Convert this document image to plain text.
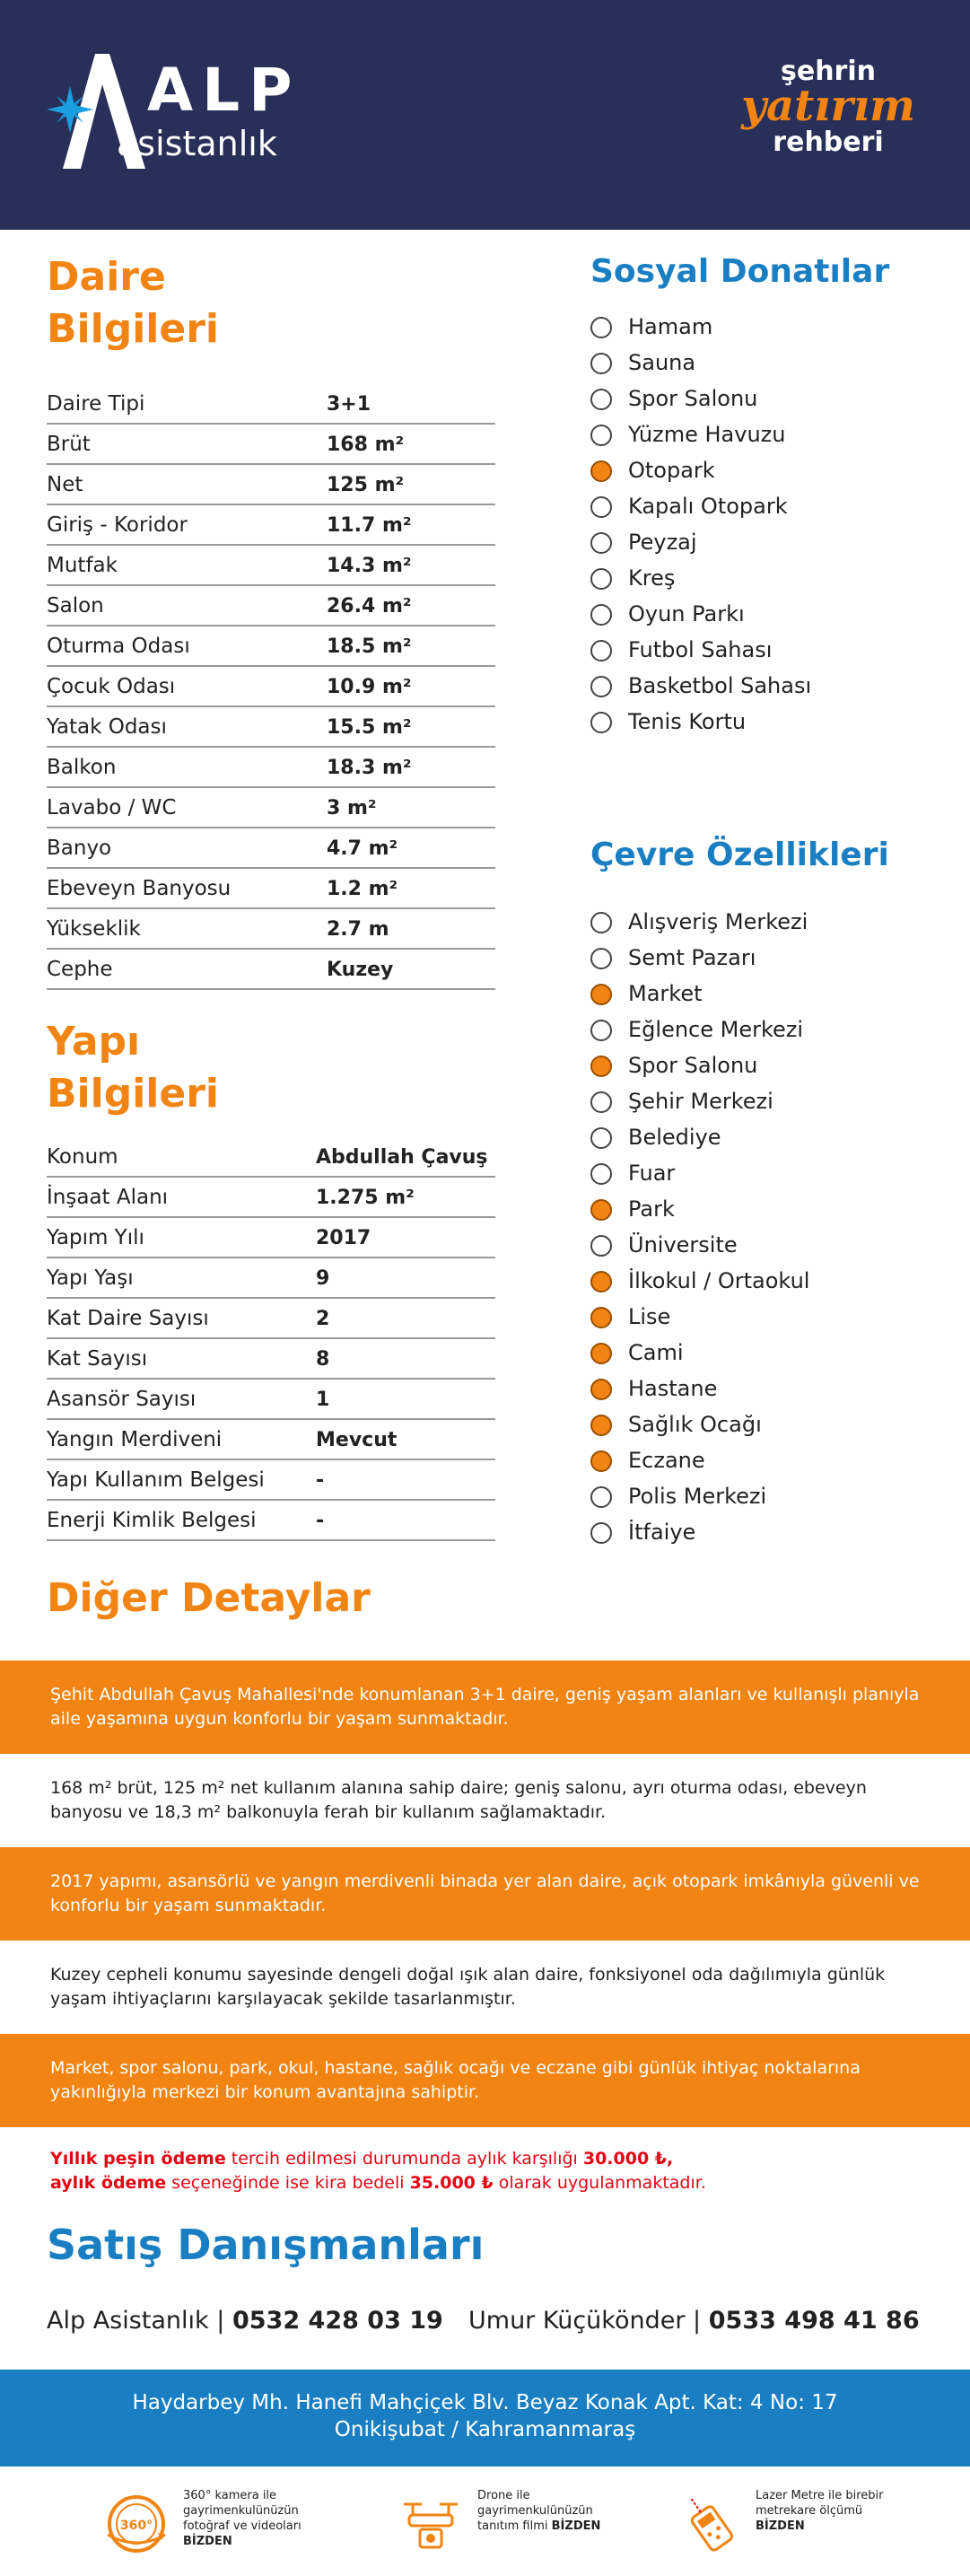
ALP
asistanlık
şehrin
yatırım
rehberi
Daire
Bilgileri
Daire Tipi	3+1
Brüt	168 m²
Net	125 m²
Giriş - Koridor	11.7 m²
Mutfak	14.3 m²
Salon	26.4 m²
Oturma Odası	18.5 m²
Çocuk Odası	10.9 m²
Yatak Odası	15.5 m²
Balkon	18.3 m²
Lavabo / WC	3 m²
Banyo	4.7 m²
Ebeveyn Banyosu	1.2 m²
Yükseklik	2.7 m
Cephe	Kuzey
Yapı
Bilgileri
Konum	Abdullah Çavuş
İnşaat Alanı	1.275 m²
Yapım Yılı	2017
Yapı Yaşı	9
Kat Daire Sayısı	2
Kat Sayısı	8
Asansör Sayısı	1
Yangın Merdiveni	Mevcut
Yapı Kullanım Belgesi	-
Enerji Kimlik Belgesi	-
Sosyal Donatılar
Hamam
Sauna
Spor Salonu
Yüzme Havuzu
Otopark
Kapalı Otopark
Peyzaj
Kreş
Oyun Parkı
Futbol Sahası
Basketbol Sahası
Tenis Kortu
Çevre Özellikleri
Alışveriş Merkezi
Semt Pazarı
Market
Eğlence Merkezi
Spor Salonu
Şehir Merkezi
Belediye
Fuar
Park
Üniversite
İlkokul / Ortaokul
Lise
Cami
Hastane
Sağlık Ocağı
Eczane
Polis Merkezi
İtfaiye
Diğer Detaylar

Şehit Abdullah Çavuş Mahallesi'nde konumlanan 3+1 daire, geniş yaşam alanları ve kullanışlı planıyla aile yaşamına uygun konforlu bir yaşam sunmaktadır.

168 m² brüt, 125 m² net kullanım alanına sahip daire; geniş salonu, ayrı oturma odası, ebeveyn banyosu ve 18,3 m² balkonuyla ferah bir kullanım sağlamaktadır.

2017 yapımı, asansörlü ve yangın merdivenli binada yer alan daire, açık otopark imkânıyla güvenli ve konforlu bir yaşam sunmaktadır.

Kuzey cepheli konumu sayesinde dengeli doğal ışık alan daire, fonksiyonel oda dağılımıyla günlük yaşam ihtiyaçlarını karşılayacak şekilde tasarlanmıştır.

Market, spor salonu, park, okul, hastane, sağlık ocağı ve eczane gibi günlük ihtiyaç noktalarına yakınlığıyla merkezi bir konum avantajına sahiptir.

Yıllık peşin ödeme tercih edilmesi durumunda aylık karşılığı 30.000 ₺,
aylık ödeme seçeneğinde ise kira bedeli 35.000 ₺ olarak uygulanmaktadır.
Satış Danışmanları
Alp Asistanlık | 0532 428 03 19 Umur Küçükönder | 0533 498 41 86
Haydarbey Mh. Hanefi Mahçiçek Blv. Beyaz Konak Apt. Kat: 4 No: 17
Onikişubat / Kahramanmaraş
360°
360° kamera ile gayrimenkulünüzün fotoğraf ve videoları BİZDEN
Drone ile gayrimenkulünüzün tanıtım filmi BİZDEN
Lazer Metre ile birebir metrekare ölçümü BİZDEN
